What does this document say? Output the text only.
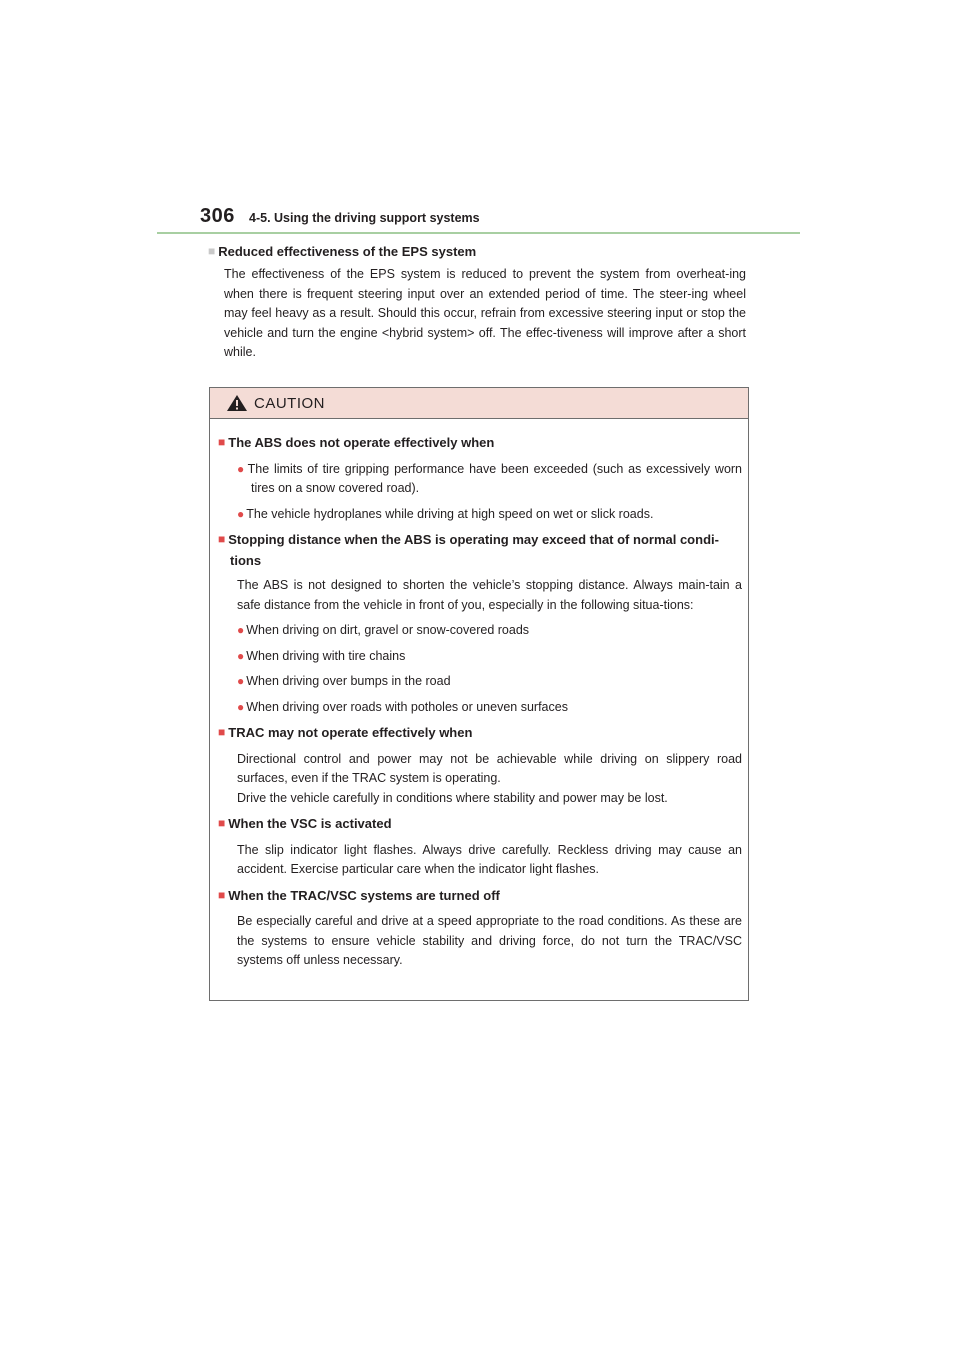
306 4-5. Using the driving support systems
■ Reduced effectiveness of the EPS system
The effectiveness of the EPS system is reduced to prevent the system from overheat-ing when there is frequent steering input over an extended period of time. The steer-ing wheel may feel heavy as a result. Should this occur, refrain from excessive steering input or stop the vehicle and turn the engine <hybrid system> off. The effec-tiveness will improve after a short while.
CAUTION
■ The ABS does not operate effectively when
● The limits of tire gripping performance have been exceeded (such as excessively worn tires on a snow covered road).
● The vehicle hydroplanes while driving at high speed on wet or slick roads.
■ Stopping distance when the ABS is operating may exceed that of normal condi-tions
The ABS is not designed to shorten the vehicle’s stopping distance. Always main-tain a safe distance from the vehicle in front of you, especially in the following situa-tions:
● When driving on dirt, gravel or snow-covered roads
● When driving with tire chains
● When driving over bumps in the road
● When driving over roads with potholes or uneven surfaces
■ TRAC may not operate effectively when
Directional control and power may not be achievable while driving on slippery road surfaces, even if the TRAC system is operating.
Drive the vehicle carefully in conditions where stability and power may be lost.
■ When the VSC is activated
The slip indicator light flashes. Always drive carefully. Reckless driving may cause an accident. Exercise particular care when the indicator light flashes.
■ When the TRAC/VSC systems are turned off
Be especially careful and drive at a speed appropriate to the road conditions. As these are the systems to ensure vehicle stability and driving force, do not turn the TRAC/VSC systems off unless necessary.
